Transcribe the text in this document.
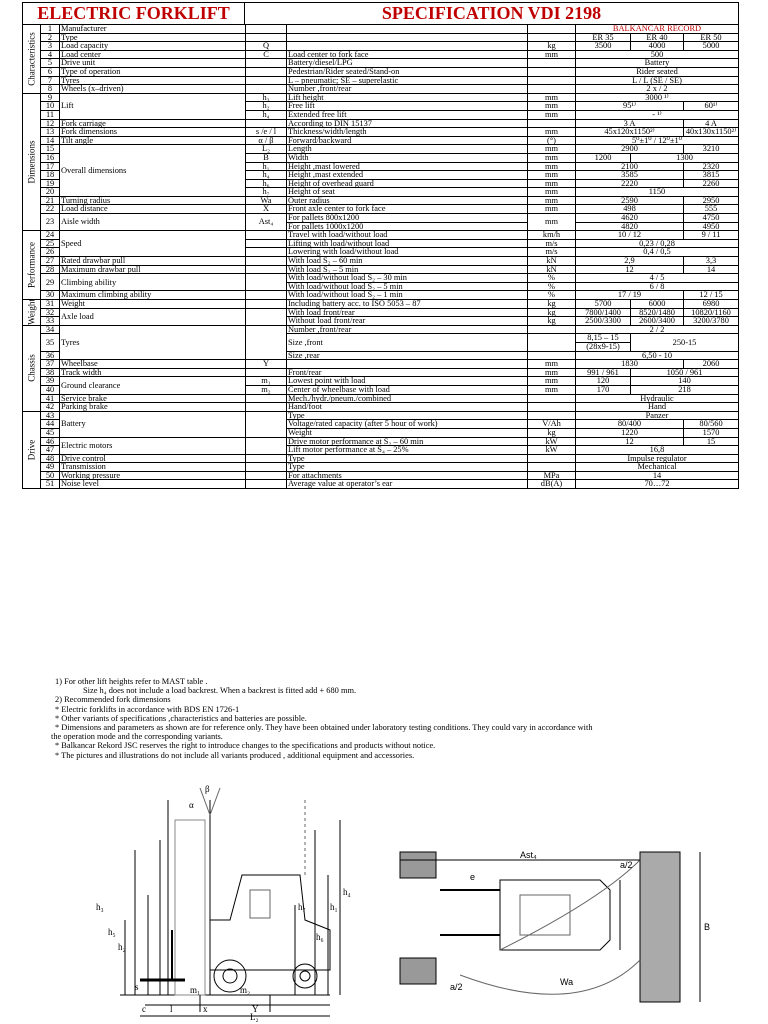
ELECTRIC FORKLIFT	SPECIFICATION VDI 2198
Characteristics	1	Manufacturer				BALKANCAR RECORD		
	2	Type				ER 35	ER 40	ER 50
	3	Load capacity	Q		kg	3500	4000	5000
	4	Load center	C	Load center to fork face	mm	500		
	5	Drive unit		Battery/diesel/LPG		Battery		
	6	Type of operation		Pedestrian/Rider seated/Stand-on		Rider seated		
	7	Tyres		L – pneumatic; SE – superelastic		L / L (SE / SE)		
	8	Wheels (x–driven)		Number ,front/rear		2 x / 2		

Dimensions	9	Lift	h₃	Lift height	mm	3000 ¹⁾		
	10		h₂	Free lift	mm	95¹⁾		60¹⁾
	11		h₄	Extended free lift	mm	- ¹⁾		
	12	Fork carriage		According to DIN 15137		3 A		4 A
	13	Fork dimensions	s /e / l	Thickness/width/length	mm	45x120x1150²⁾		40x130x1150²⁾
	14	Tilt angle	α / β	Forward/backward	(°)	5⁰±1⁰ / 12⁰±1⁰		
	15	Overall dimensions	L₂	Length	mm	2900		3210
	16		B	Width	mm	1200	1300	
	17		h₁	Height ,mast lowered	mm	2100		2320
	18		h₄	Height ,mast extended	mm	3585		3815
	19		h₆	Height of overhead guard	mm	2220		2260
	20		h₇	Height of seat	mm	1150		
	21	Turning radius	Wa	Outer radius	mm	2590		2950
	22	Load distance	X	Front axle center to fork face	mm	498		555
	23	Aisle width	Ast₄	For pallets 800x1200	mm	4620		4750
				For pallets 1000x1200		4820		4950

Performance	24	Speed		Travel with load/without load	km/h	10 / 12		9 / 11
	25			Lifting with load/without load	m/s	0,23 / 0,28		
	26			Lowering with load/without load	m/s	0,4 / 0,5		
	27	Rated drawbar pull		With load S₂ – 60 min	kN	2,9		3,3
	28	Maximum drawbar pull		With load S₂ – 5 min	kN	12		14
	29	Climbing ability		With load/without load S₂ – 30 min	%	4 / 5		
				With load/without load S₂ – 5 min	%	6 / 8		
	30	Maximum climbing ability		With load/without load S₂ – 1 min	%	17 / 19		12 / 15

Weight	31	Weight		Including battery acc. to ISO 5053 – 87	kg	5700	6000	6980
	32	Axle load		With load front/rear	kg	7800/1400	8520/1480	10820/1160
	33			Without load front/rear	kg	2500/3300	2600/3400	3200/3780

Chassis	34	Tyres		Number ,front/rear		2 / 2		
	35			Size ,front		8,15 – 15	250-15	
						(28x9-15)		
	36			Size ,rear		6,50 - 10		
	37	Wheelbase	Y		mm	1830		2060
	38	Track width		Front/rear	mm	991 / 961	1050 / 961	
	39	Ground clearance	m₁	Lowest point with load	mm	120	140	
	40		m₂	Center of wheelbase with load	mm	170	218	
	41	Service brake		Mech./hydr./pneum./combined		Hydraulic		
	42	Parking brake		Hand/foot		Hand		

Drive	43	Battery		Type		Panzer		
	44			Voltage/rated capacity (after 5 hour of work)	V/Ah	80/400		80/560
	45			Weight	kg	1220		1570
	46	Electric motors		Drive motor performance at S₂ – 60 min	kW	12		15
	47			Lift motor performance at S₄ – 25%	kW	16,8		
	48	Drive control		Type		Impulse regulator		
	49	Transmission		Type		Mechanical		
	50	Working pressure		For attachments	MPa	14		
	51	Noise level		Average value at operator’s ear	dB(A)	70…72		
1) For other lift heights refer to MAST table .
Size h₄ does not include a load backrest. When a backrest is fitted add + 680 mm.
2) Recommended fork dimensions
* Electric forklifts in accordance with BDS EN 1726-1
* Other variants of specifications ,characteristics and batteries are possible.
* Dimensions and parameters as shown are for reference only. They have been obtained under laboratory testing conditions. They could vary in accordance with
the operation mode and the corresponding variants.
* Balkancar Rekord JSC reserves the right to introduce changes to the specifications and products without notice.
* The pictures and illustrations do not include all variants produced , additional equipment and accessories.
α
β
h₃
h₅
h₂
s
c	l	x	Y
m₂
m₁
L₂
h₇
h₆
h₁
h₄
Ast₄
a/2
a/2
B
e
Wa
